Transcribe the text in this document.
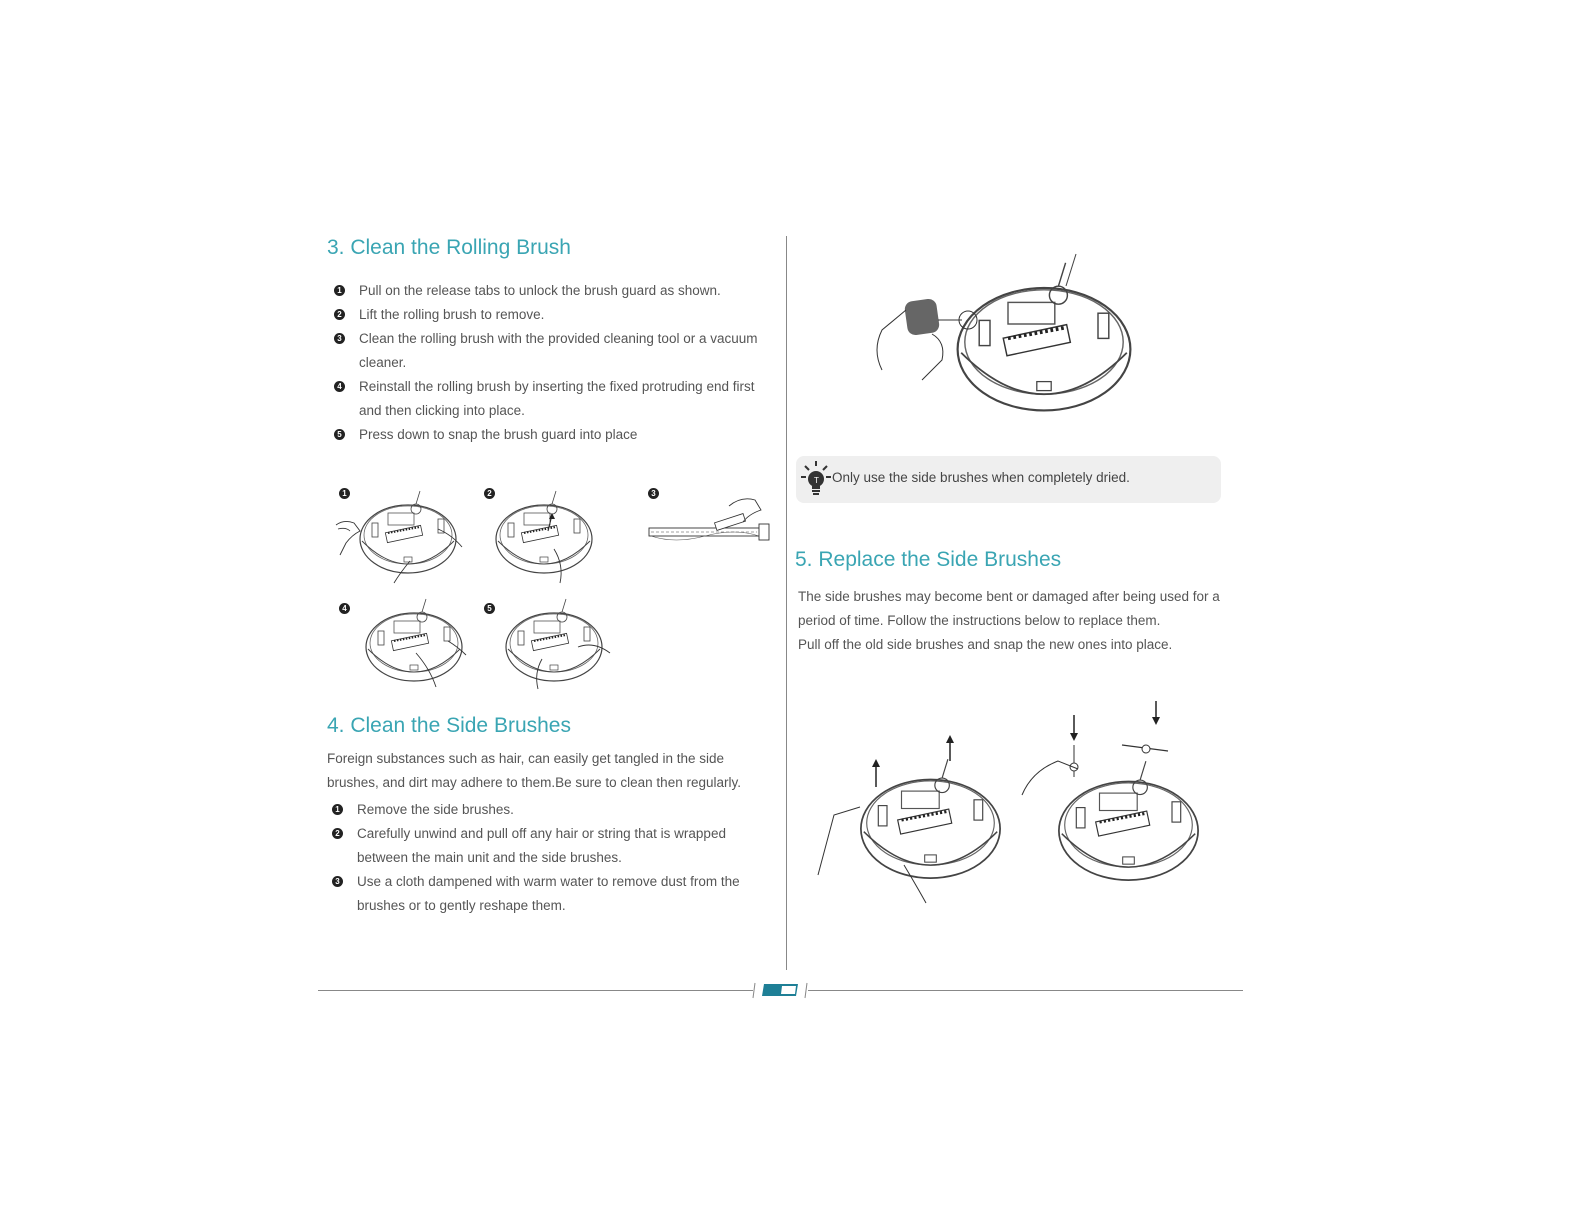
3. Clean the Rolling Brush
1 Pull on the release tabs to unlock the brush guard as shown.
2 Lift the rolling brush to remove.
3 Clean the rolling brush with the provided cleaning tool or a vacuum cleaner.
4 Reinstall the rolling brush by inserting the fixed protruding end first and then clicking into place.
5 Press down to snap the brush guard into place
1	2	3
4	5
4. Clean the Side Brushes

Foreign substances such as hair, can easily get tangled in the side brushes, and dirt may adhere to them.Be sure to clean then regularly.

1 Remove the side brushes.
2 Carefully unwind and pull off any hair or string that is wrapped between the main unit and the side brushes.
3 Use a cloth dampened with warm water to remove dust from the brushes or to gently reshape them.
T Only use the side brushes when completely dried.
5. Replace the Side Brushes

The side brushes may become bent or damaged after being used for a period of time. Follow the instructions below to replace them.

Pull off the old side brushes and snap the new ones into place.
